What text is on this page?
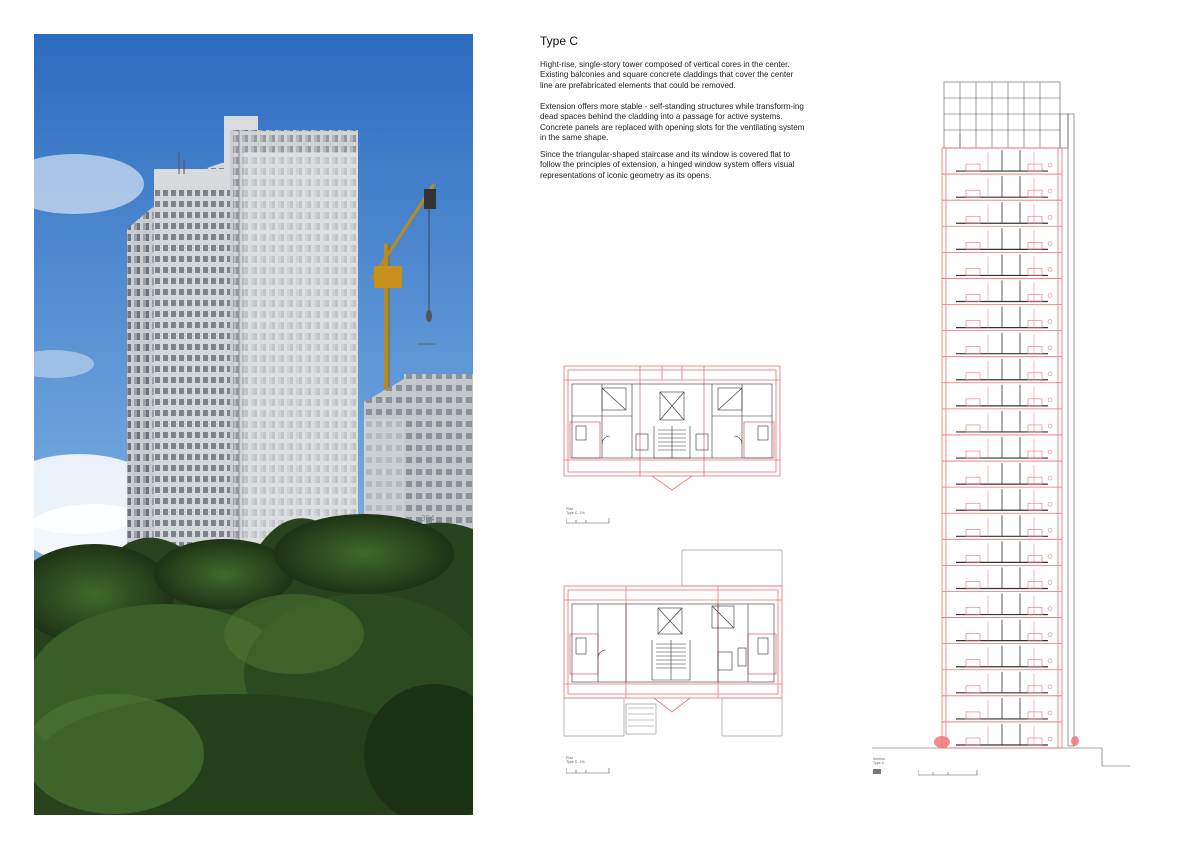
304
Type C

Hight-rise, single-story tower composed of vertical cores in the center. Existing balconies and square concrete claddings that cover the center line are prefabricated elements that could be removed.

Extension offers more stable - self-standing structures while transform-ing dead spaces behind the cladding into a passage for active systems. Concrete panels are replaced with opening slots for the ventilating system in the same shape.

Since the triangular-shaped staircase and its window is covered flat to follow the principles of extension, a hinged window system offers visual representations of iconic geometry as its opens.

Plan
Type C, 1%
Plan
Type C, 1%
Section
Type C
